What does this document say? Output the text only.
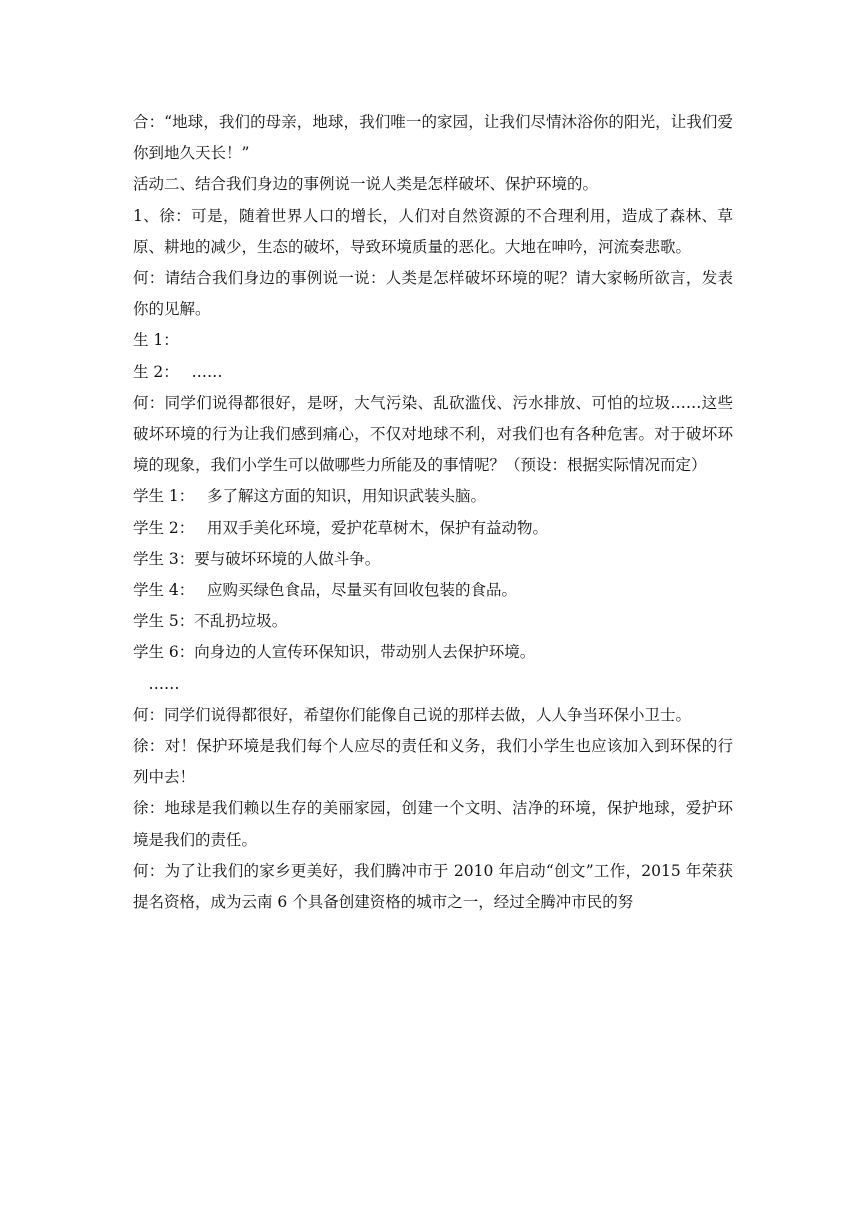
合：“地球，我们的母亲，地球，我们唯一的家园，让我们尽情沐浴你的阳光，让我们爱你到地久天长！”

活动二、结合我们身边的事例说一说人类是怎样破坏、保护环境的。

1、徐：可是，随着世界人口的增长，人们对自然资源的不合理利用，造成了森林、草原、耕地的减少，生态的破坏，导致环境质量的恶化。大地在呻吟，河流奏悲歌。

何：请结合我们身边的事例说一说：人类是怎样破坏环境的呢？请大家畅所欲言，发表你的见解。

生 1：

生 2：　 ……

何：同学们说得都很好，是呀，大气污染、乱砍滥伐、污水排放、可怕的垃圾……这些破坏环境的行为让我们感到痛心，不仅对地球不利，对我们也有各种危害。对于破坏环境的现象，我们小学生可以做哪些力所能及的事情呢？（预设：根据实际情况而定）

学生 1：　 多了解这方面的知识，用知识武装头脑。

学生 2：　 用双手美化环境，爱护花草树木，保护有益动物。

学生 3：要与破坏环境的人做斗争。

学生 4：　 应购买绿色食品，尽量买有回收包装的食品。

学生 5：不乱扔垃圾。

学生 6：向身边的人宣传环保知识，带动别人去保护环境。

　……

何：同学们说得都很好，希望你们能像自己说的那样去做，人人争当环保小卫士。

徐：对！保护环境是我们每个人应尽的责任和义务，我们小学生也应该加入到环保的行列中去！

徐：地球是我们赖以生存的美丽家园，创建一个文明、洁净的环境，保护地球，爱护环境是我们的责任。

何：为了让我们的家乡更美好，我们腾冲市于 2010 年启动“创文”工作，2015 年荣获提名资格，成为云南 6 个具备创建资格的城市之一，经过全腾冲市民的努
